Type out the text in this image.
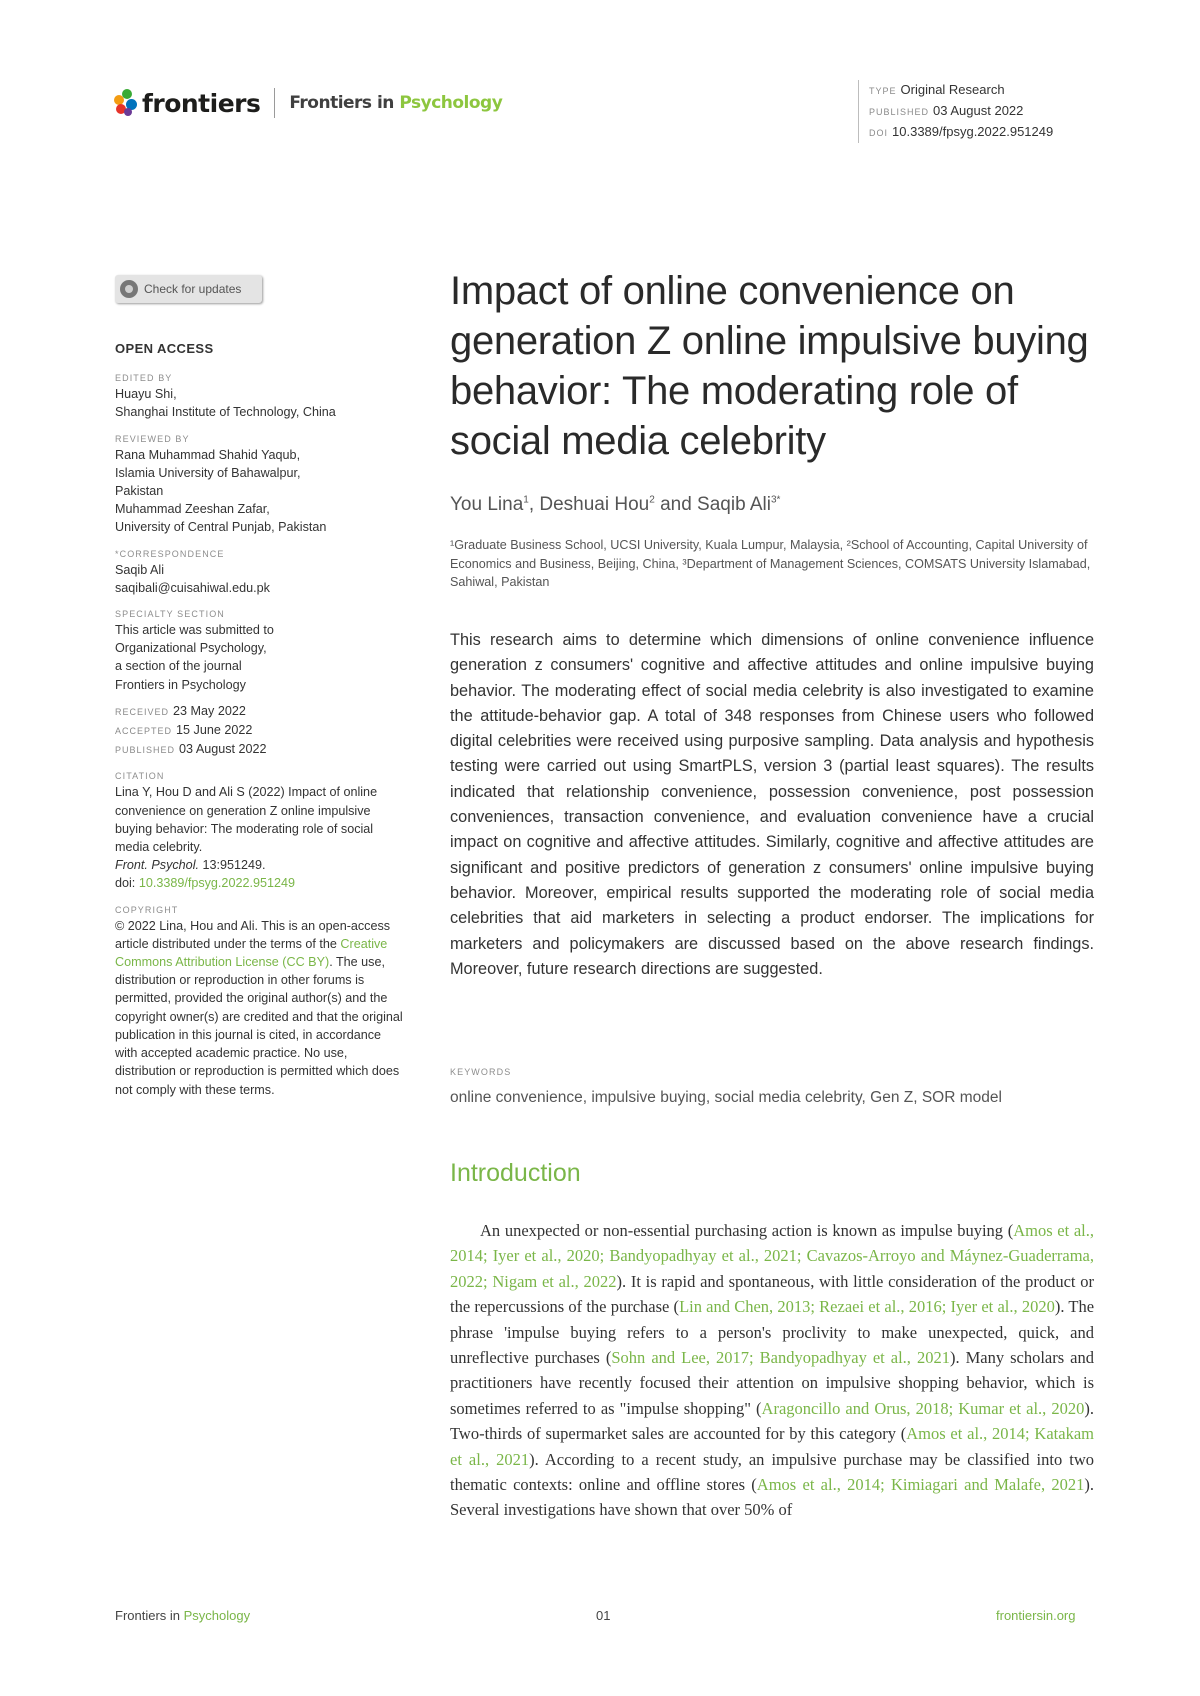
frontiers Frontiers in Psychology
TYPE Original Research
PUBLISHED 03 August 2022
DOI 10.3389/fpsyg.2022.951249
Check for updates
OPEN ACCESS
EDITED BY
Huayu Shi,
Shanghai Institute of Technology, China
REVIEWED BY
Rana Muhammad Shahid Yaqub,
Islamia University of Bahawalpur,
Pakistan
Muhammad Zeeshan Zafar,
University of Central Punjab, Pakistan
*CORRESPONDENCE
Saqib Ali
saqibali@cuisahiwal.edu.pk
SPECIALTY SECTION
This article was submitted to
Organizational Psychology,
a section of the journal
Frontiers in Psychology
RECEIVED 23 May 2022
ACCEPTED 15 June 2022
PUBLISHED 03 August 2022
CITATION
Lina Y, Hou D and Ali S (2022) Impact of online convenience on generation Z online impulsive buying behavior: The moderating role of social media celebrity.
Front. Psychol. 13:951249.
doi: 10.3389/fpsyg.2022.951249
COPYRIGHT
© 2022 Lina, Hou and Ali. This is an open-access article distributed under the terms of the Creative Commons Attribution License (CC BY). The use, distribution or reproduction in other forums is permitted, provided the original author(s) and the copyright owner(s) are credited and that the original publication in this journal is cited, in accordance with accepted academic practice. No use, distribution or reproduction is permitted which does not comply with these terms.
Impact of online convenience on generation Z online impulsive buying behavior: The moderating role of social media celebrity
You Lina$^1$, Deshuai Hou$^2$ and Saqib Ali$^{3*}$
¹Graduate Business School, UCSI University, Kuala Lumpur, Malaysia, ²School of Accounting, Capital University of Economics and Business, Beijing, China, ³Department of Management Sciences, COMSATS University Islamabad, Sahiwal, Pakistan

This research aims to determine which dimensions of online convenience influence generation z consumers' cognitive and affective attitudes and online impulsive buying behavior. The moderating effect of social media celebrity is also investigated to examine the attitude-behavior gap. A total of 348 responses from Chinese users who followed digital celebrities were received using purposive sampling. Data analysis and hypothesis testing were carried out using SmartPLS, version 3 (partial least squares). The results indicated that relationship convenience, possession convenience, post possession conveniences, transaction convenience, and evaluation convenience have a crucial impact on cognitive and affective attitudes. Similarly, cognitive and affective attitudes are significant and positive predictors of generation z consumers' online impulsive buying behavior. Moreover, empirical results supported the moderating role of social media celebrities that aid marketers in selecting a product endorser. The implications for marketers and policymakers are discussed based on the above research findings. Moreover, future research directions are suggested.

KEYWORDS
online convenience, impulsive buying, social media celebrity, Gen Z, SOR model
Introduction

An unexpected or non-essential purchasing action is known as impulse buying (Amos et al., 2014; Iyer et al., 2020; Bandyopadhyay et al., 2021; Cavazos-Arroyo and Máynez-Guaderrama, 2022; Nigam et al., 2022). It is rapid and spontaneous, with little consideration of the product or the repercussions of the purchase (Lin and Chen, 2013; Rezaei et al., 2016; Iyer et al., 2020). The phrase 'impulse buying refers to a person's proclivity to make unexpected, quick, and unreflective purchases (Sohn and Lee, 2017; Bandyopadhyay et al., 2021). Many scholars and practitioners have recently focused their attention on impulsive shopping behavior, which is sometimes referred to as "impulse shopping" (Aragoncillo and Orus, 2018; Kumar et al., 2020). Two-thirds of supermarket sales are accounted for by this category (Amos et al., 2014; Katakam et al., 2021). According to a recent study, an impulsive purchase may be classified into two thematic contexts: online and offline stores (Amos et al., 2014; Kimiagari and Malafe, 2021). Several investigations have shown that over 50% of

Frontiers in Psychology	01	frontiersin.org
